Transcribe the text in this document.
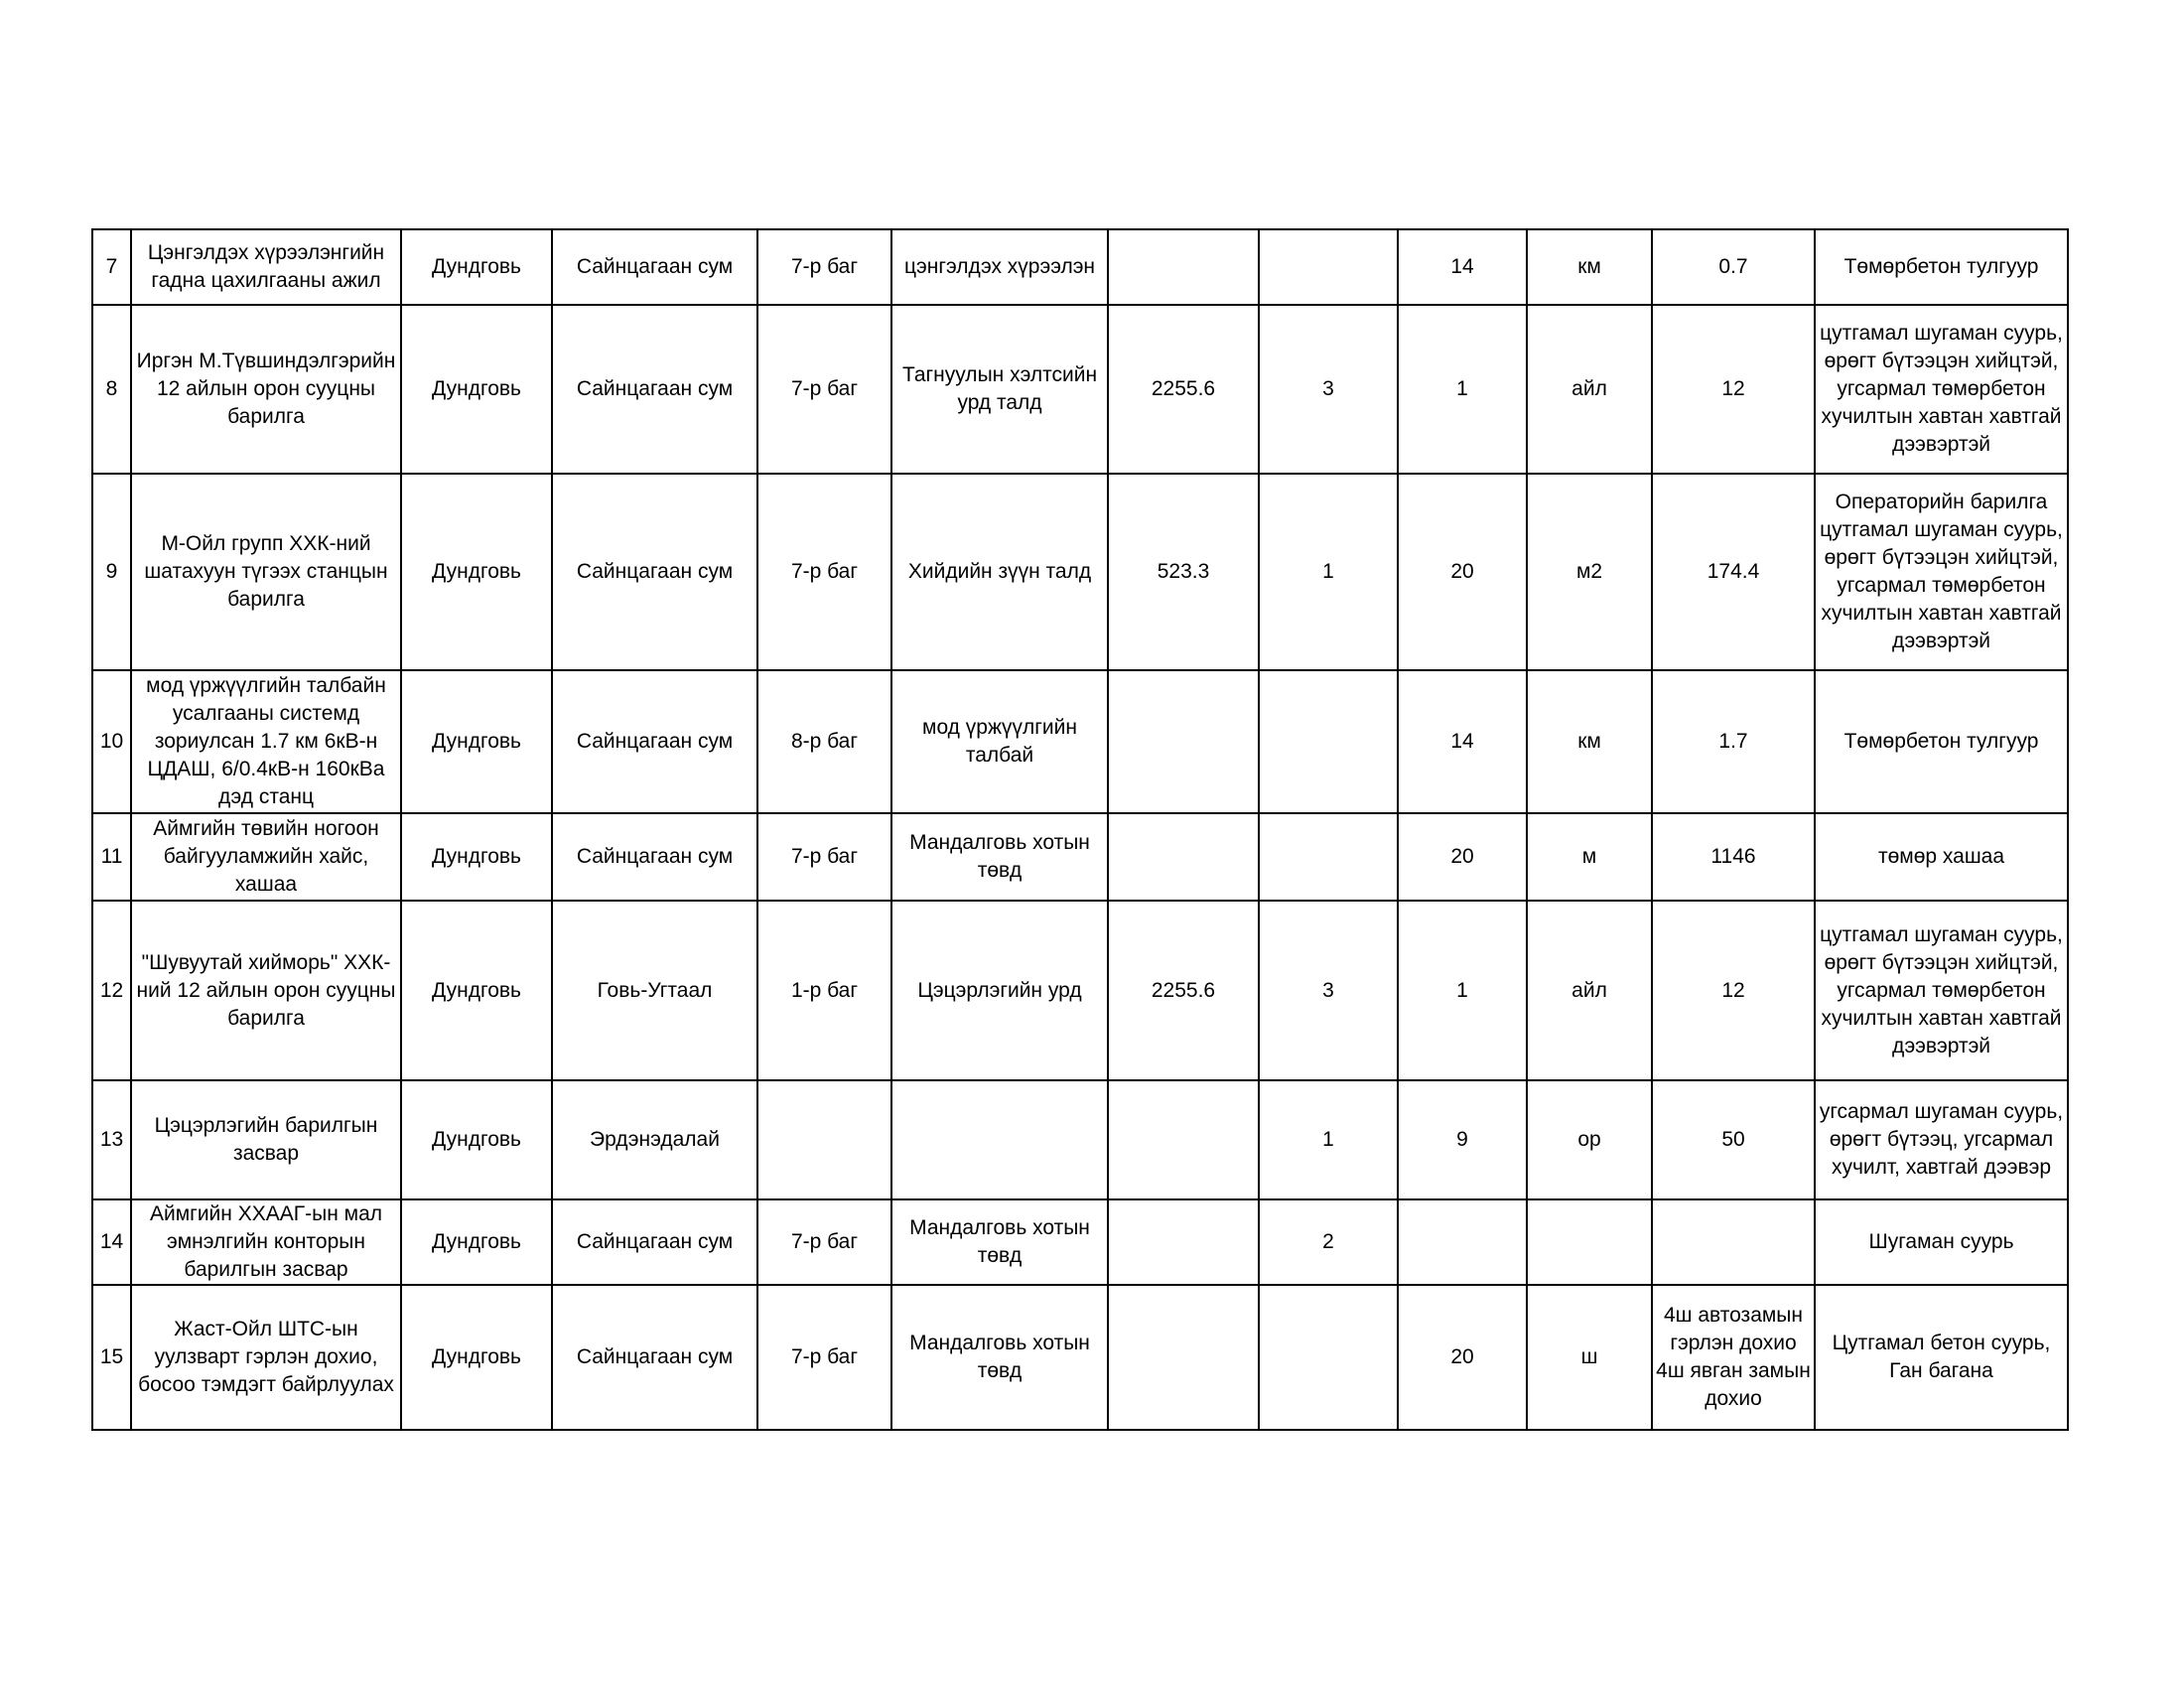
7	Цэнгэлдэх хүрээлэнгийн гадна цахилгааны ажил	Дундговь	Сайнцагаан сум	7-р баг	цэнгэлдэх хүрээлэн			14	км	0.7	Төмөрбетон тулгуур
8	Иргэн М.Түвшиндэлгэрийн 12 айлын орон сууцны барилга	Дундговь	Сайнцагаан сум	7-р баг	Тагнуулын хэлтсийн урд талд	2255.6	3	1	айл	12	цутгамал шугаман суурь, өрөгт бүтээцэн хийцтэй, угсармал төмөрбетон хучилтын хавтан хавтгай дээвэртэй
9	М-Ойл групп ХХК-ний шатахуун түгээх станцын барилга	Дундговь	Сайнцагаан сум	7-р баг	Хийдийн зүүн талд	523.3	1	20	м2	174.4	Операторийн барилга цутгамал шугаман суурь, өрөгт бүтээцэн хийцтэй, угсармал төмөрбетон хучилтын хавтан хавтгай дээвэртэй
10	мод үржүүлгийн талбайн усалгааны системд зориулсан 1.7 км 6кВ-н ЦДАШ, 6/0.4кВ-н 160кВа дэд станц	Дундговь	Сайнцагаан сум	8-р баг	мод үржүүлгийн талбай			14	км	1.7	Төмөрбетон тулгуур
11	Аймгийн төвийн ногоон байгууламжийн хайс, хашаа	Дундговь	Сайнцагаан сум	7-р баг	Мандалговь хотын төвд			20	м	1146	төмөр хашаа
12	"Шувуутай хийморь" ХХК-ний 12 айлын орон сууцны барилга	Дундговь	Говь-Угтаал	1-р баг	Цэцэрлэгийн урд	2255.6	3	1	айл	12	цутгамал шугаман суурь, өрөгт бүтээцэн хийцтэй, угсармал төмөрбетон хучилтын хавтан хавтгай дээвэртэй
13	Цэцэрлэгийн барилгын засвар	Дундговь	Эрдэнэдалай				1	9	ор	50	угсармал шугаман суурь, өрөгт бүтээц, угсармал хучилт, хавтгай дээвэр
14	Аймгийн ХХААГ-ын мал эмнэлгийн конторын барилгын засвар	Дундговь	Сайнцагаан сум	7-р баг	Мандалговь хотын төвд		2				Шугаман суурь
15	Жаст-Ойл ШТС-ын уулзварт гэрлэн дохио, босоо тэмдэгт байрлуулах	Дундговь	Сайнцагаан сум	7-р баг	Мандалговь хотын төвд			20	ш	4ш автозамын гэрлэн дохио 4ш явган замын дохио	Цутгамал бетон суурь, Ган багана
